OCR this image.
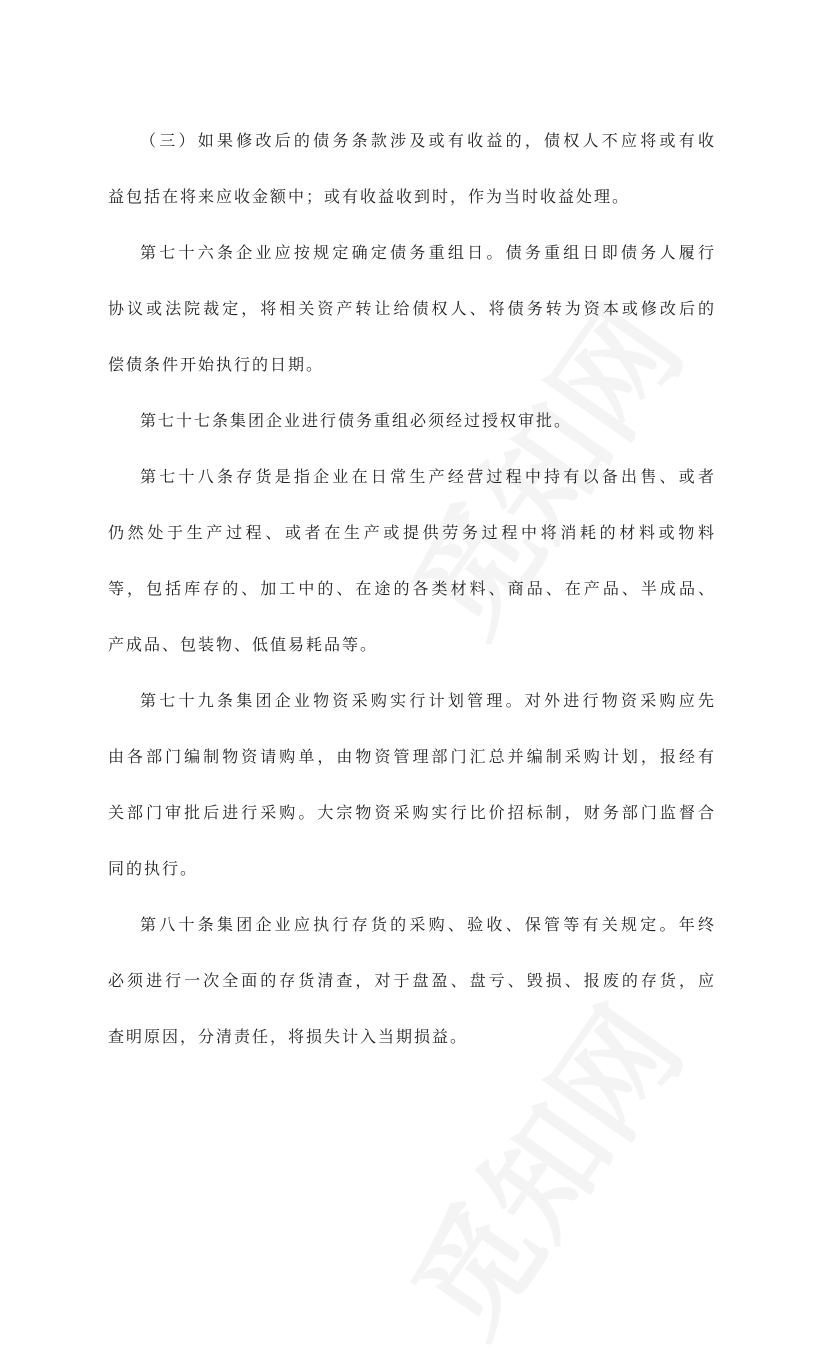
（三）如果修改后的债务条款涉及或有收益的，债权人不应将或有收
益包括在将来应收金额中；或有收益收到时，作为当时收益处理。
第七十六条企业应按规定确定债务重组日。债务重组日即债务人履行
协议或法院裁定，将相关资产转让给债权人、将债务转为资本或修改后的
偿债条件开始执行的日期。
第七十七条集团企业进行债务重组必须经过授权审批。
第七十八条存货是指企业在日常生产经营过程中持有以备出售、或者
仍然处于生产过程、或者在生产或提供劳务过程中将消耗的材料或物料
等，包括库存的、加工中的、在途的各类材料、商品、在产品、半成品、
产成品、包装物、低值易耗品等。
第七十九条集团企业物资采购实行计划管理。对外进行物资采购应先
由各部门编制物资请购单，由物资管理部门汇总并编制采购计划，报经有
关部门审批后进行采购。大宗物资采购实行比价招标制，财务部门监督合
同的执行。
第八十条集团企业应执行存货的采购、验收、保管等有关规定。年终
必须进行一次全面的存货清查，对于盘盈、盘亏、毁损、报废的存货，应
查明原因，分清责任，将损失计入当期损益。
